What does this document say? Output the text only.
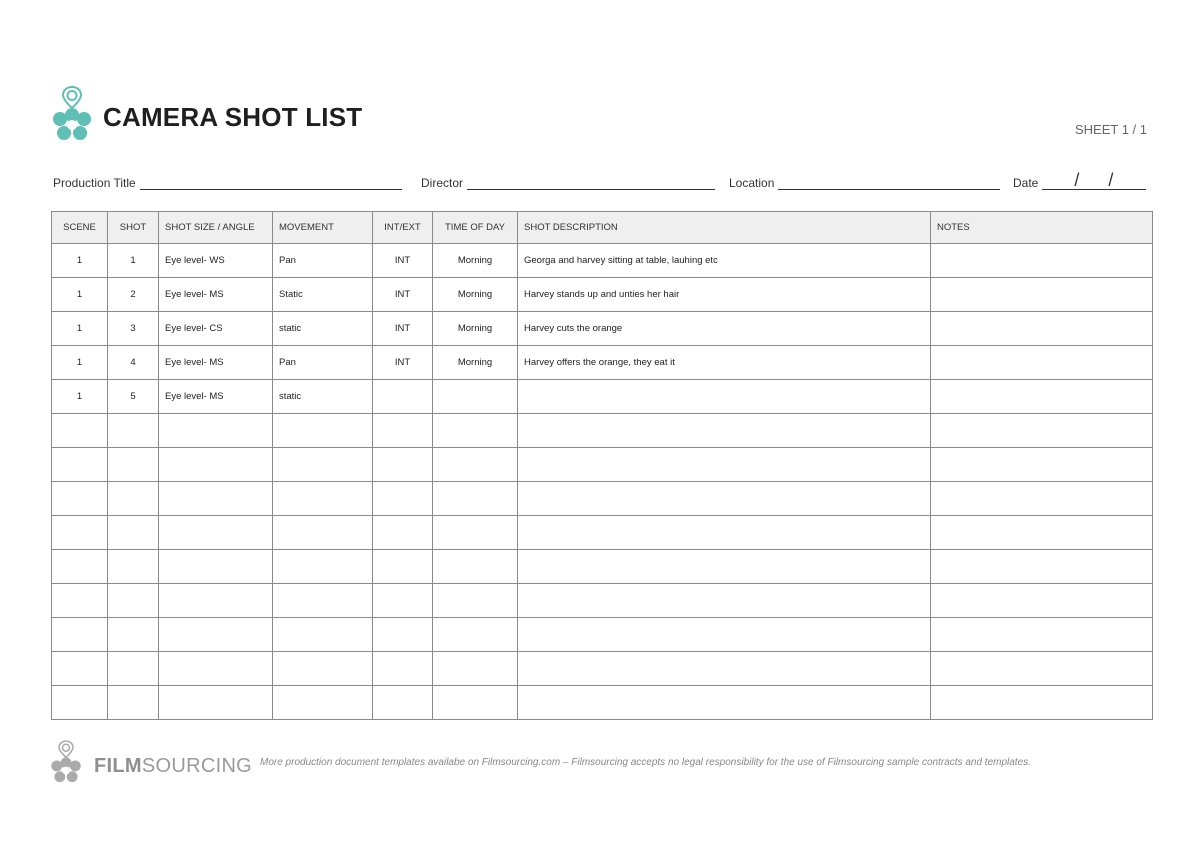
CAMERA SHOT LIST	SHEET 1 / 1
Production Title	Director	Location	Date / /
SCENE	SHOT	SHOT SIZE / ANGLE	MOVEMENT	INT/EXT	TIME OF DAY	SHOT DESCRIPTION	NOTES
1	1	Eye level- WS	Pan	INT	Morning	Georga and harvey sitting at table, lauhing etc	
1	2	Eye level- MS	Static	INT	Morning	Harvey stands up and unties her hair	
1	3	Eye level- CS	static	INT	Morning	Harvey cuts the orange	
1	4	Eye level- MS	Pan	INT	Morning	Harvey offers the orange, they eat it	
1	5	Eye level- MS	static				

FILMSOURCING More production document templates availabe on Filmsourcing.com – Filmsourcing accepts no legal responsibility for the use of Filmsourcing sample contracts and templates.
